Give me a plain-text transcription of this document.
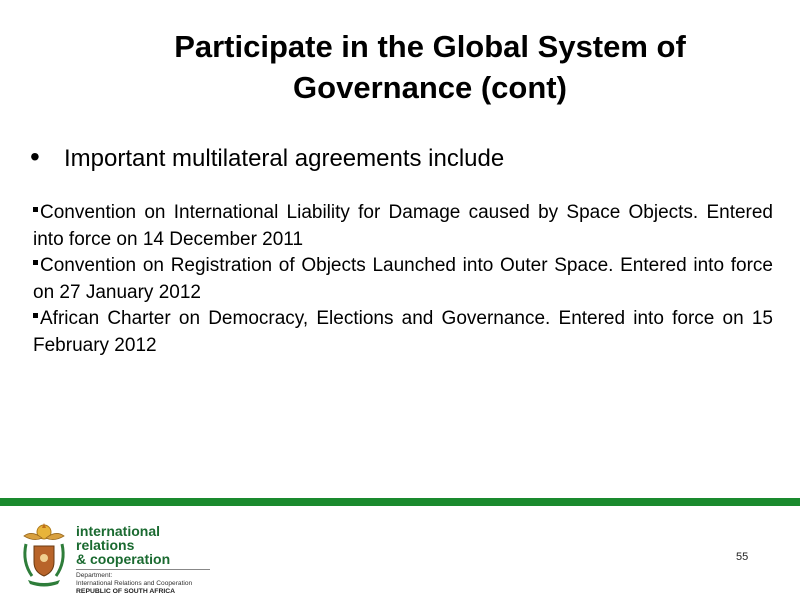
Participate in the Global System of
Governance (cont)
• Important multilateral agreements include

Convention on International Liability for Damage caused by Space Objects. Entered into force on 14 December 2011

Convention on Registration of Objects Launched into Outer Space. Entered into force on 27 January 2012

African Charter on Democracy, Elections and Governance. Entered into force on 15 February 2012

international relations
& cooperation
Department:
International Relations and Cooperation
REPUBLIC OF SOUTH AFRICA
55
